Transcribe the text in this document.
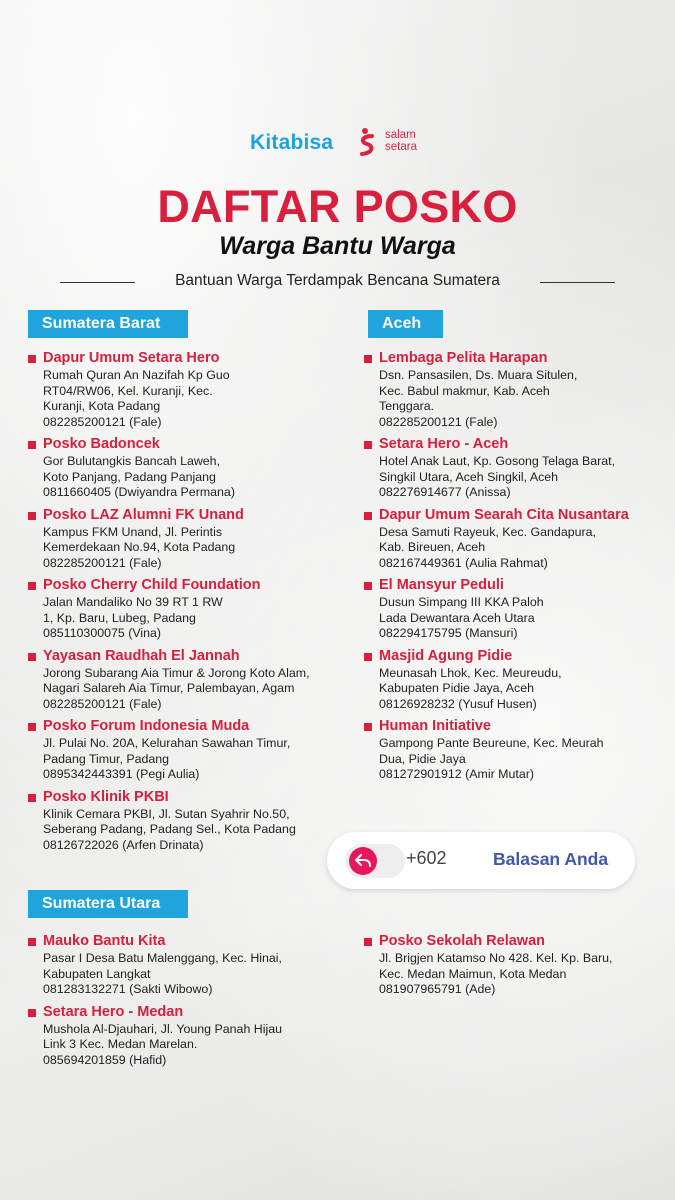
Kitabisa	salam
setara
DAFTAR POSKO
Warga Bantu Warga
Bantuan Warga Terdampak Bencana Sumatera
Sumatera Barat	Aceh
Sumatera Utara
Dapur Umum Setara Hero
Rumah Quran An Nazifah Kp Guo
RT04/RW06, Kel. Kuranji, Kec.
Kuranji, Kota Padang
082285200121 (Fale)
Posko Badoncek
Gor Bulutangkis Bancah Laweh,
Koto Panjang, Padang Panjang
0811660405 (Dwiyandra Permana)
Posko LAZ Alumni FK Unand
Kampus FKM Unand, Jl. Perintis
Kemerdekaan No.94, Kota Padang
082285200121 (Fale)
Posko Cherry Child Foundation
Jalan Mandaliko No 39 RT 1 RW
1, Kp. Baru, Lubeg, Padang
085110300075 (Vina)
Yayasan Raudhah El Jannah
Jorong Subarang Aia Timur & Jorong Koto Alam,
Nagari Salareh Aia Timur, Palembayan, Agam
082285200121 (Fale)
Posko Forum Indonesia Muda
Jl. Pulai No. 20A, Kelurahan Sawahan Timur,
Padang Timur, Padang
0895342443391 (Pegi Aulia)
Posko Klinik PKBI
Klinik Cemara PKBI, Jl. Sutan Syahrir No.50,
Seberang Padang, Padang Sel., Kota Padang
08126722026 (Arfen Drinata)
Lembaga Pelita Harapan
Dsn. Pansasilen, Ds. Muara Situlen,
Kec. Babul makmur, Kab. Aceh
Tenggara.
082285200121 (Fale)
Setara Hero - Aceh
Hotel Anak Laut, Kp. Gosong Telaga Barat,
Singkil Utara, Aceh Singkil, Aceh
082276914677 (Anissa)
Dapur Umum Searah Cita Nusantara
Desa Samuti Rayeuk, Kec. Gandapura,
Kab. Bireuen, Aceh
082167449361 (Aulia Rahmat)
El Mansyur Peduli
Dusun Simpang III KKA Paloh
Lada Dewantara Aceh Utara
082294175795 (Mansuri)
Masjid Agung Pidie
Meunasah Lhok, Kec. Meureudu,
Kabupaten Pidie Jaya, Aceh
08126928232 (Yusuf Husen)
Human Initiative
Gampong Pante Beureune, Kec. Meurah
Dua, Pidie Jaya
081272901912 (Amir Mutar)
Mauko Bantu Kita
Pasar I Desa Batu Malenggang, Kec. Hinai,
Kabupaten Langkat
081283132271 (Sakti Wibowo)
Setara Hero - Medan
Mushola Al-Djauhari, Jl. Young Panah Hijau
Link 3 Kec. Medan Marelan.
085694201859 (Hafid)
Posko Sekolah Relawan
Jl. Brigjen Katamso No 428. Kel. Kp. Baru,
Kec. Medan Maimun, Kota Medan
081907965791 (Ade)
+602	Balasan Anda
